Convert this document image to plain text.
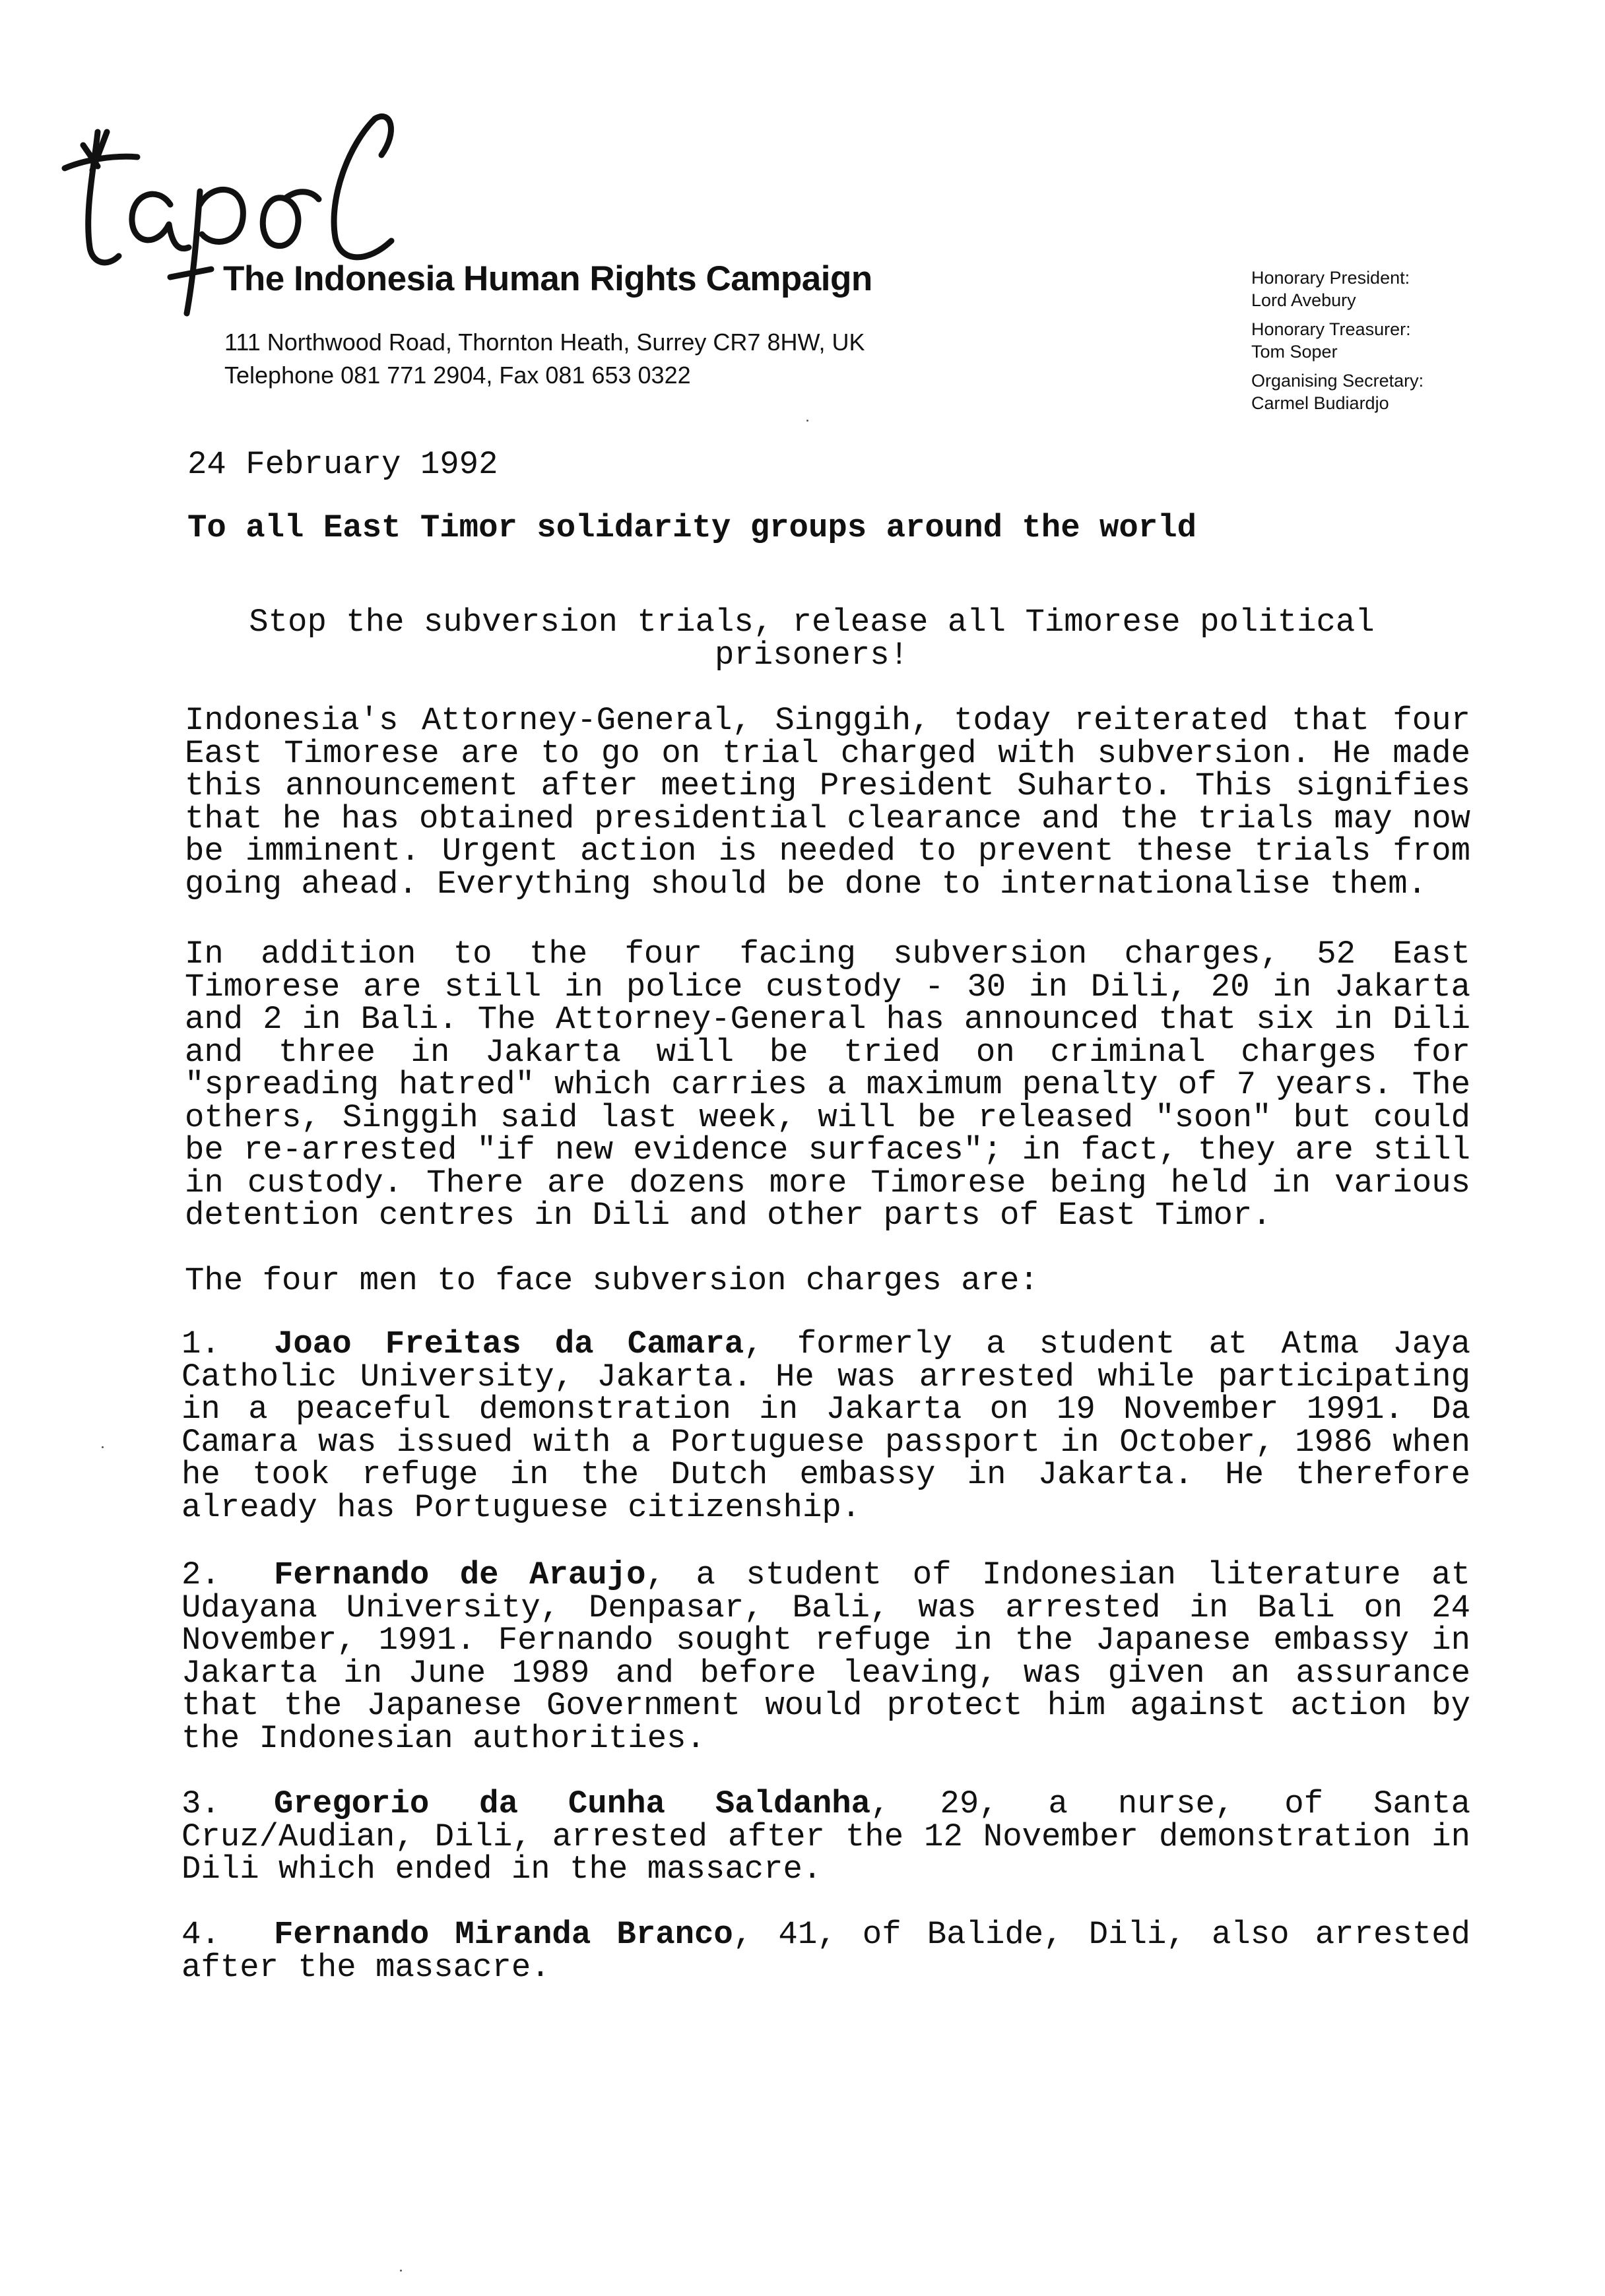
tapol
The Indonesia Human Rights Campaign
111 Northwood Road, Thornton Heath, Surrey CR7 8HW, UK
Telephone 081 771 2904, Fax 081 653 0322
Honorary President:
Lord Avebury
Honorary Treasurer:
Tom Soper
Organising Secretary:
Carmel Budiardjo
24 February 1992
To all East Timor solidarity groups around the world
Stop the subversion trials, release all Timorese political prisoners!
Indonesia's Attorney-General, Singgih, today reiterated that four East Timorese are to go on trial charged with subversion. He made this announcement after meeting President Suharto. This signifies that he has obtained presidential clearance and the trials may now be imminent. Urgent action is needed to prevent these trials from going ahead. Everything should be done to internationalise them.
In addition to the four facing subversion charges, 52 East Timorese are still in police custody - 30 in Dili, 20 in Jakarta and 2 in Bali. The Attorney-General has announced that six in Dili and three in Jakarta will be tried on criminal charges for "spreading hatred" which carries a maximum penalty of 7 years. The others, Singgih said last week, will be released "soon" but could be re-arrested "if new evidence surfaces"; in fact, they are still in custody. There are dozens more Timorese being held in various detention centres in Dili and other parts of East Timor.
The four men to face subversion charges are:
1. Joao Freitas da Camara, formerly a student at Atma Jaya Catholic University, Jakarta. He was arrested while participating in a peaceful demonstration in Jakarta on 19 November 1991. Da Camara was issued with a Portuguese passport in October, 1986 when he took refuge in the Dutch embassy in Jakarta. He therefore already has Portuguese citizenship.
2. Fernando de Araujo, a student of Indonesian literature at Udayana University, Denpasar, Bali, was arrested in Bali on 24 November, 1991. Fernando sought refuge in the Japanese embassy in Jakarta in June 1989 and before leaving, was given an assurance that the Japanese Government would protect him against action by the Indonesian authorities.
3. Gregorio da Cunha Saldanha, 29, a nurse, of Santa Cruz/Audian, Dili, arrested after the 12 November demonstration in Dili which ended in the massacre.
4. Fernando Miranda Branco, 41, of Balide, Dili, also arrested after the massacre.
